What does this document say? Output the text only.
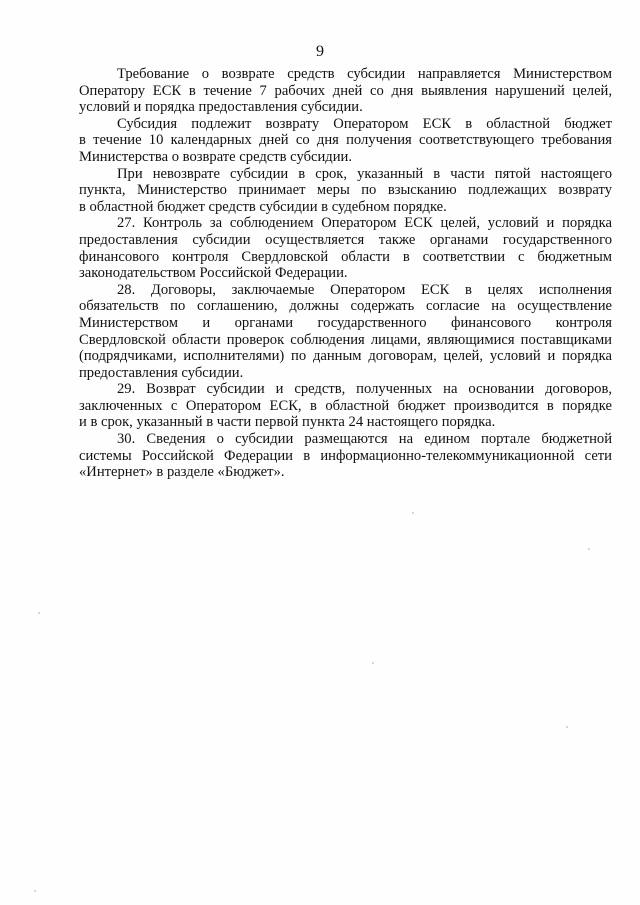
9
Требование о возврате средств субсидии направляется Министерством
Оператору ЕСК в течение 7 рабочих дней со дня выявления нарушений целей,
условий и порядка предоставления субсидии.
Субсидия подлежит возврату Оператором ЕСК в областной бюджет
в течение 10 календарных дней со дня получения соответствующего требования
Министерства о возврате средств субсидии.
При невозврате субсидии в срок, указанный в части пятой настоящего
пункта, Министерство принимает меры по взысканию подлежащих возврату
в областной бюджет средств субсидии в судебном порядке.
27. Контроль за соблюдением Оператором ЕСК целей, условий и порядка
предоставления субсидии осуществляется также органами государственного
финансового контроля Свердловской области в соответствии с бюджетным
законодательством Российской Федерации.
28. Договоры, заключаемые Оператором ЕСК в целях исполнения
обязательств по соглашению, должны содержать согласие на осуществление
Министерством и органами государственного финансового контроля
Свердловской области проверок соблюдения лицами, являющимися поставщиками
(подрядчиками, исполнителями) по данным договорам, целей, условий и порядка
предоставления субсидии.
29. Возврат субсидии и средств, полученных на основании договоров,
заключенных с Оператором ЕСК, в областной бюджет производится в порядке
и в срок, указанный в части первой пункта 24 настоящего порядка.
30. Сведения о субсидии размещаются на едином портале бюджетной
системы Российской Федерации в информационно-телекоммуникационной сети
«Интернет» в разделе «Бюджет».
